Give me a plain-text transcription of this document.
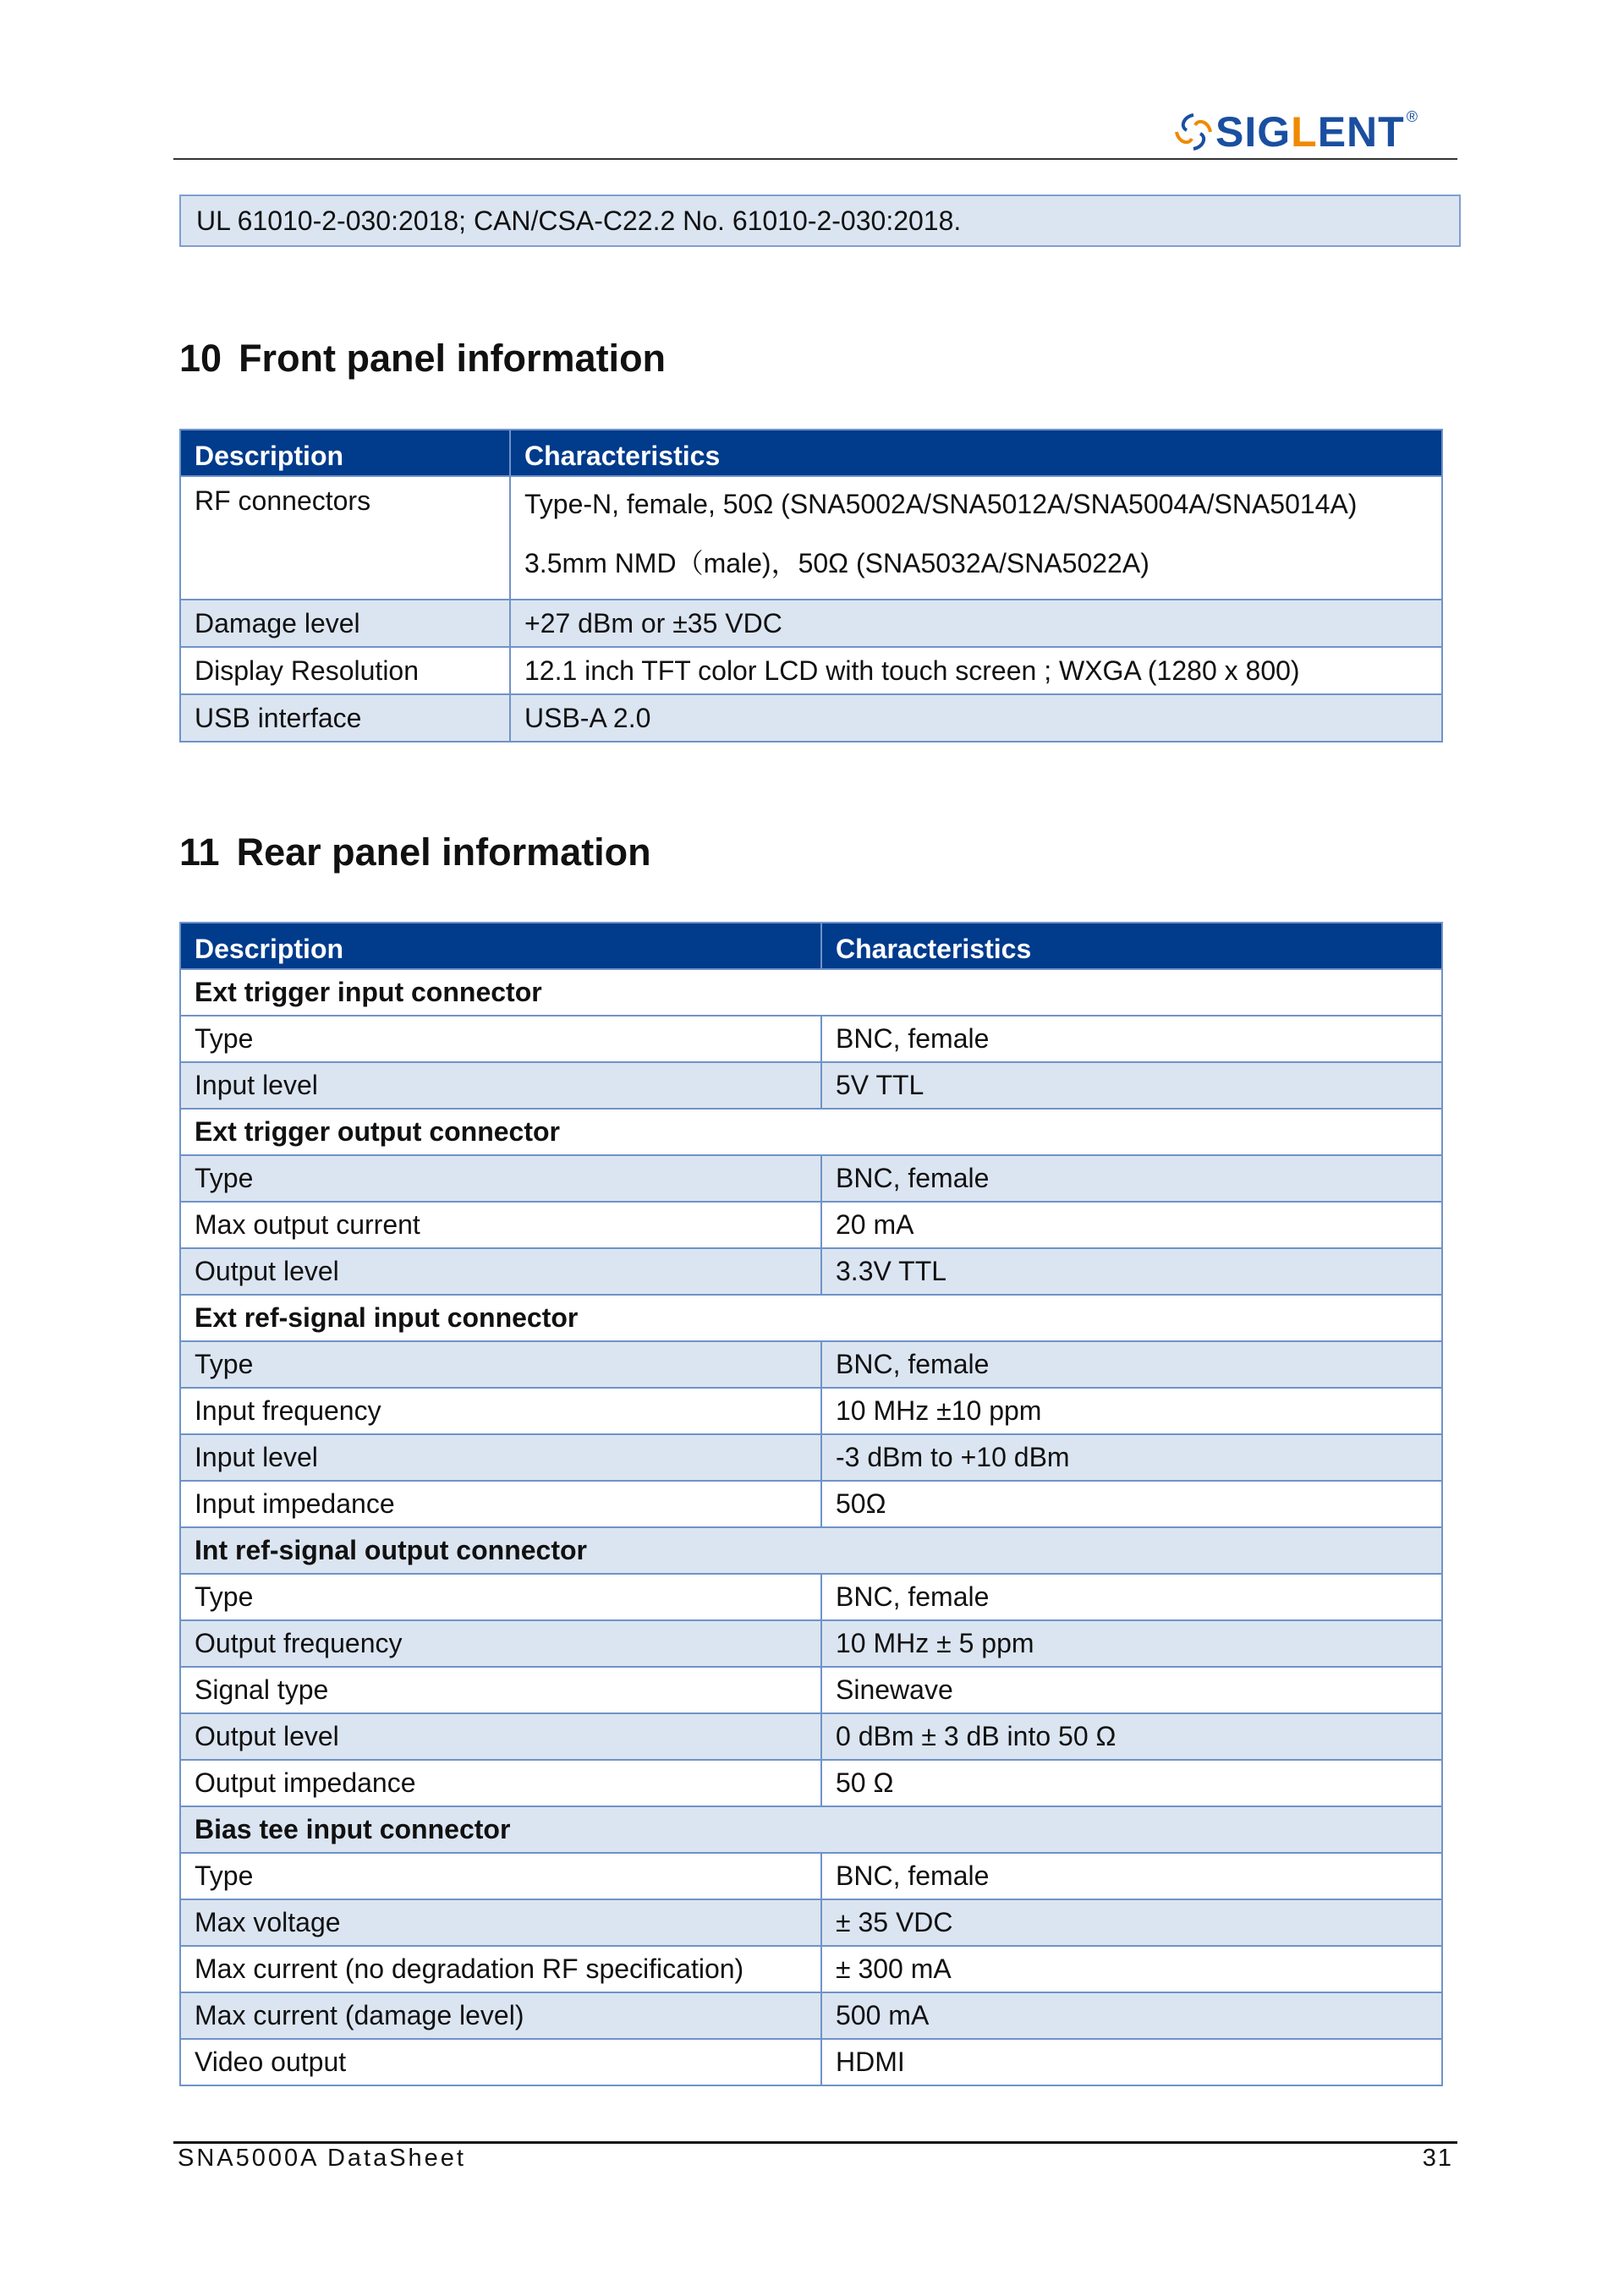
SIG L ENT®
UL 61010-2-030:2018; CAN/CSA-C22.2 No. 61010-2-030:2018.
10 Front panel information
Description	Characteristics
RF connectors	Type-N, female, 50Ω (SNA5002A/SNA5012A/SNA5004A/SNA5014A)
3.5mm NMD（male)，50Ω (SNA5032A/SNA5022A)

Damage level	+27 dBm or ±35 VDC
Display Resolution	12.1 inch TFT color LCD with touch screen ; WXGA (1280 x 800)
USB interface	USB-A 2.0
11 Rear panel information
Description	Characteristics
Ext trigger input connector	
Type	BNC, female
Input level	5V TTL
Ext trigger output connector	
Type	BNC, female
Max output current	20 mA
Output level	3.3V TTL
Ext ref-signal input connector	
Type	BNC, female
Input frequency	10 MHz ±10 ppm
Input level	-3 dBm to +10 dBm
Input impedance	50Ω
Int ref-signal output connector	
Type	BNC, female
Output frequency	10 MHz ± 5 ppm
Signal type	Sinewave
Output level	0 dBm ± 3 dB into 50 Ω
Output impedance	50 Ω
Bias tee input connector	
Type	BNC, female
Max voltage	± 35 VDC
Max current (no degradation RF specification)	± 300 mA
Max current (damage level)	500 mA
Video output	HDMI
SNA5000A DataSheet	31
